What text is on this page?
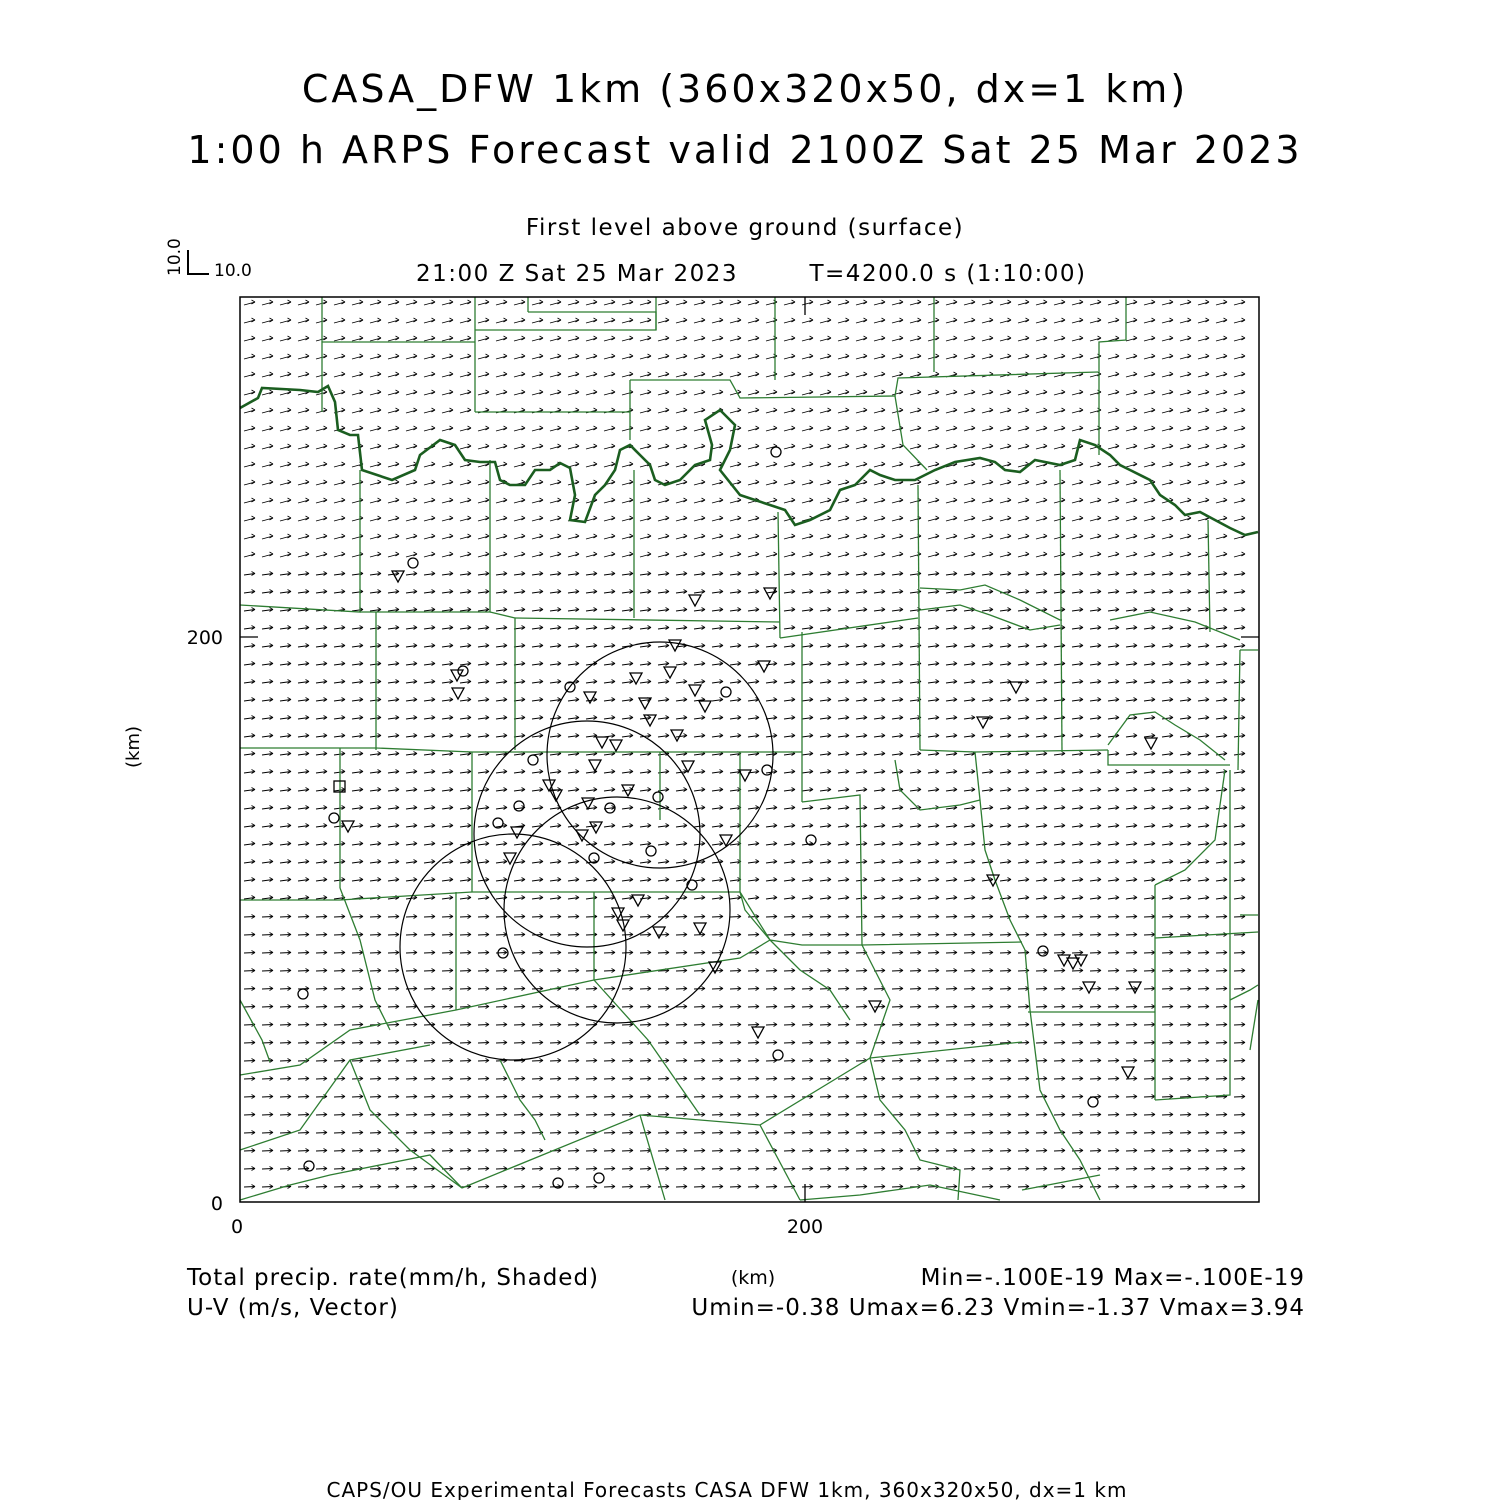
CASA_DFW 1km (360x320x50, dx=1 km)
1:00 h ARPS Forecast valid 2100Z Sat 25 Mar 2023
First level above ground (surface)
21:00 Z Sat 25 Mar 2023	T=4200.0 s (1:10:00)
10.0
10.0
0	200
0
200
(km)
(km)
Total precip. rate(mm/h, Shaded)
U-V (m/s, Vector)
Min=-.100E-19 Max=-.100E-19
Umin=-0.38 Umax=6.23 Vmin=-1.37 Vmax=3.94
CAPS/OU Experimental Forecasts CASA DFW 1km, 360x320x50, dx=1 km
